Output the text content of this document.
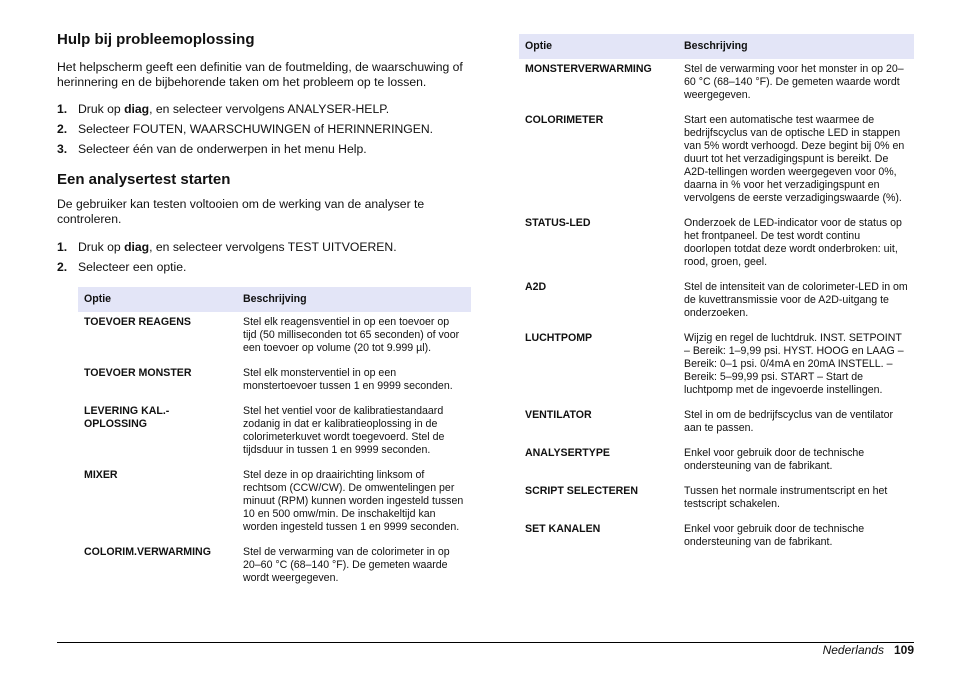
Hulp bij probleemoplossing

Het helpscherm geeft een definitie van de foutmelding, de waarschuwing of herinnering en de bijbehorende taken om het probleem op te lossen.

1. Druk op diag, en selecteer vervolgens ANALYSER-HELP.
2. Selecteer FOUTEN, WAARSCHUWINGEN of HERINNERINGEN.
3. Selecteer één van de onderwerpen in het menu Help.
Een analysertest starten

De gebruiker kan testen voltooien om de werking van de analyser te controleren.

1. Druk op diag, en selecteer vervolgens TEST UITVOEREN.
2. Selecteer een optie.
Optie	Beschrijving
TOEVOER REAGENS	Stel elk reagensventiel in op een toevoer op tijd (50 milliseconden tot 65 seconden) of voor een toevoer op volume (20 tot 9.999 µl).
TOEVOER MONSTER	Stel elk monsterventiel in op een monstertoevoer tussen 1 en 9999 seconden.
LEVERING KAL.-OPLOSSING	Stel het ventiel voor de kalibratiestandaard zodanig in dat er kalibratieoplossing in de colorimeterkuvet wordt toegevoerd. Stel de tijdsduur in tussen 1 en 9999 seconden.
MIXER	Stel deze in op draairichting linksom of rechtsom (CCW/CW). De omwentelingen per minuut (RPM) kunnen worden ingesteld tussen 10 en 500 omw/min. De inschakeltijd kan worden ingesteld tussen 1 en 9999 seconden.
COLORIM.VERWARMING	Stel de verwarming van de colorimeter in op 20–60 °C (68–140 °F). De gemeten waarde wordt weergegeven.
Optie	Beschrijving
MONSTERVERWARMING	Stel de verwarming voor het monster in op 20–60 °C (68–140 °F). De gemeten waarde wordt weergegeven.
COLORIMETER	Start een automatische test waarmee de bedrijfscyclus van de optische LED in stappen van 5% wordt verhoogd. Deze begint bij 0% en duurt tot het verzadigingspunt is bereikt. De A2D-tellingen worden weergegeven voor 0%, daarna in % voor het verzadigingspunt en vervolgens de eerste verzadigingswaarde (%).
STATUS-LED	Onderzoek de LED-indicator voor de status op het frontpaneel. De test wordt continu doorlopen totdat deze wordt onderbroken: uit, rood, groen, geel.
A2D	Stel de intensiteit van de colorimeter-LED in om de kuvettransmissie voor de A2D-uitgang te onderzoeken.
LUCHTPOMP	Wijzig en regel de luchtdruk. INST. SETPOINT – Bereik: 1–9,99 psi. HYST. HOOG en LAAG – Bereik: 0–1 psi. 0/4mA en 20mA INSTELL. – Bereik: 5–99,99 psi. START – Start de luchtpomp met de ingevoerde instellingen.
VENTILATOR	Stel in om de bedrijfscyclus van de ventilator aan te passen.
ANALYSERTYPE	Enkel voor gebruik door de technische ondersteuning van de fabrikant.
SCRIPT SELECTEREN	Tussen het normale instrumentscript en het testscript schakelen.
SET KANALEN	Enkel voor gebruik door de technische ondersteuning van de fabrikant.
Nederlands 109
